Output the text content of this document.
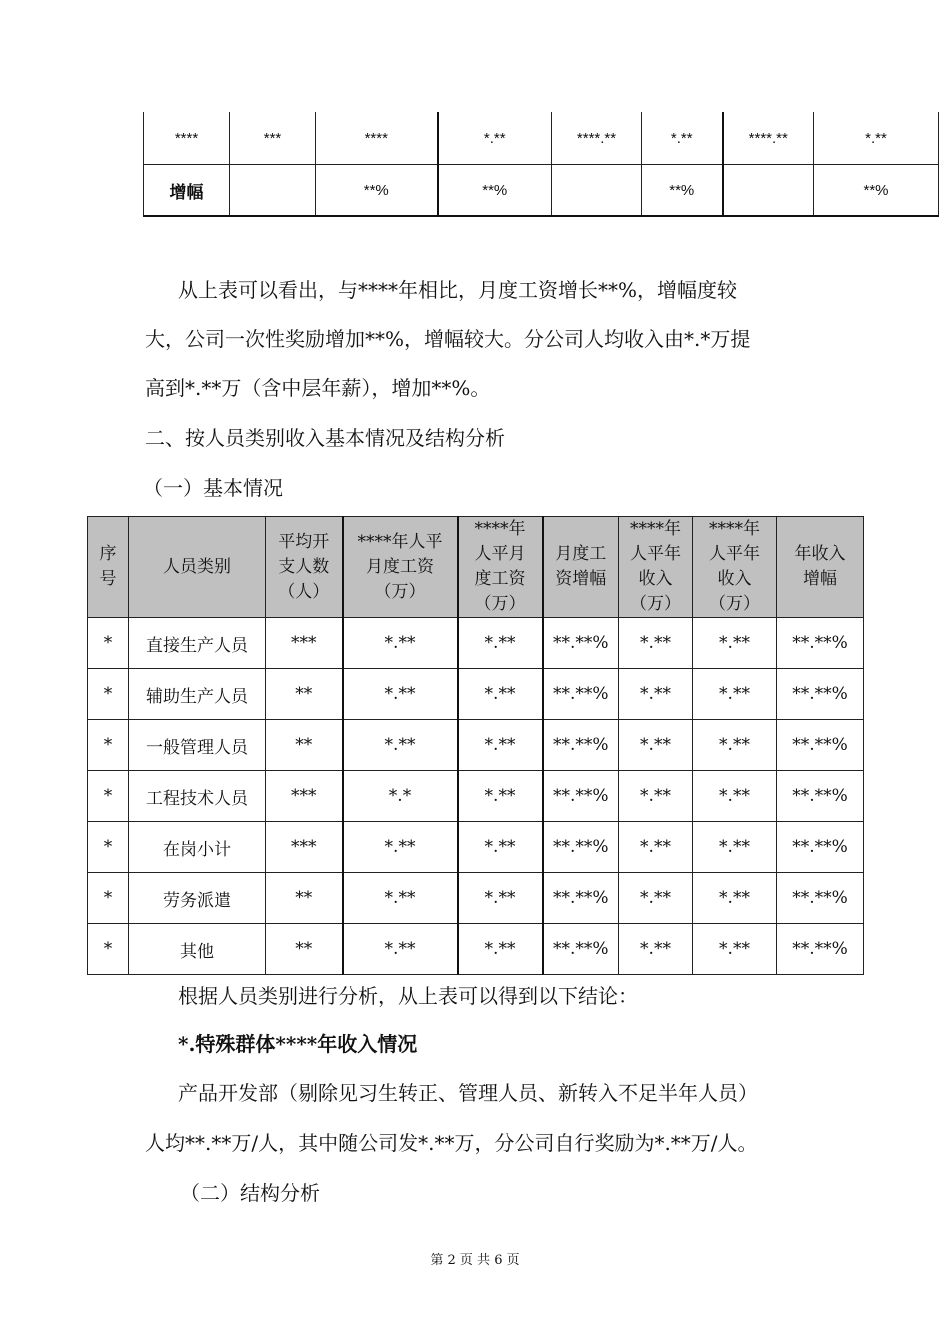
****	***	****	*.**	****.**	*.**	****.**	*.**
增幅		**%	**%		**%		**%
从上表可以看出，与****年相比，月度工资增长**%，增幅度较
大，公司一次性奖励增加**%，增幅较大。分公司人均收入由*.*万提
高到*.**万（含中层年薪），增加**%。
二、按人员类别收入基本情况及结构分析
（一）基本情况
序
号	人员类别	平均开
支人数
（人）	****年人平
月度工资
（万）	****年
人平月
度工资
（万）	月度工
资增幅	****年
人平年
收入
（万）	****年
人平年
收入
（万）	年收入
增幅
*	直接生产人员	***	*.**	*.**	**.**%	*.**	*.**	**.**%
*	辅助生产人员	**	*.**	*.**	**.**%	*.**	*.**	**.**%
*	一般管理人员	**	*.**	*.**	**.**%	*.**	*.**	**.**%
*	工程技术人员	***	*.*	*.**	**.**%	*.**	*.**	**.**%
*	在岗小计	***	*.**	*.**	**.**%	*.**	*.**	**.**%
*	劳务派遣	**	*.**	*.**	**.**%	*.**	*.**	**.**%
*	其他	**	*.**	*.**	**.**%	*.**	*.**	**.**%
根据人员类别进行分析，从上表可以得到以下结论：
*.特殊群体****年收入情况
产品开发部（剔除见习生转正、管理人员、新转入不足半年人员）
人均**.**万/人，其中随公司发*.**万，分公司自行奖励为*.**万/人。
（二）结构分析
第 2 页 共 6 页
